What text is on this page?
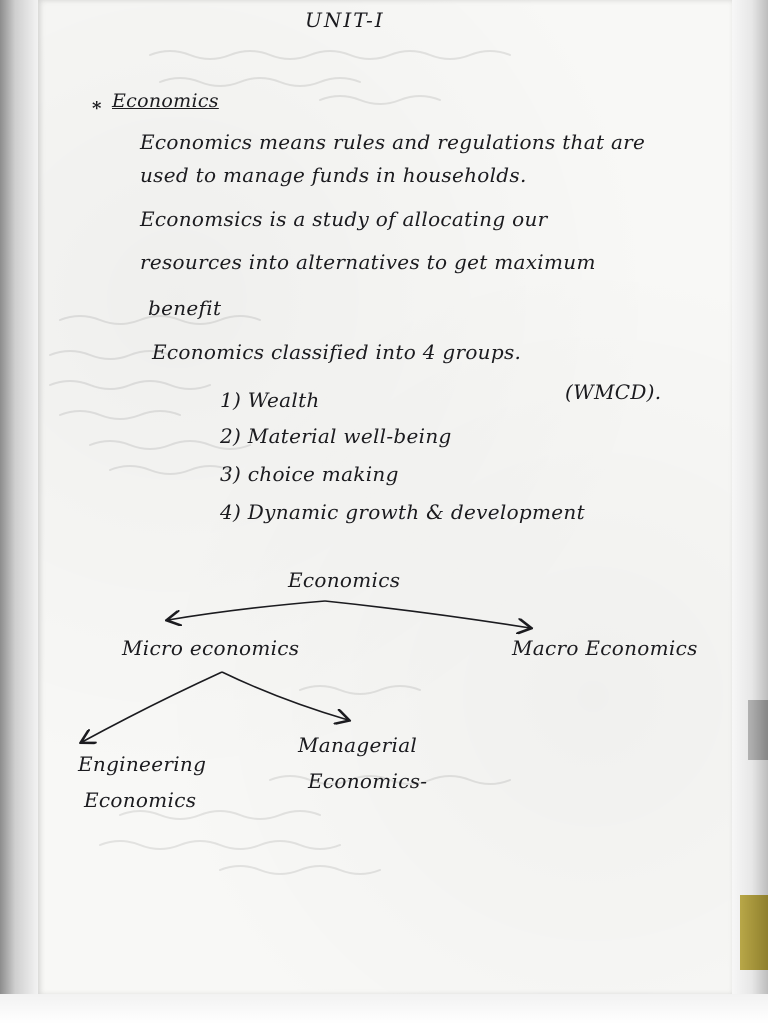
UNIT-I
* Economics
Economics means rules and regulations that are
used to manage funds in households.
Economsics is a study of allocating our
resources into alternatives to get maximum
benefit
Economics classified into 4 groups.
(WMCD).
1) Wealth
2) Material well-being
3) choice making
4) Dynamic growth & development
Economics
Micro economics	Macro Economics
Engineering
Economics
Managerial
Economics-
